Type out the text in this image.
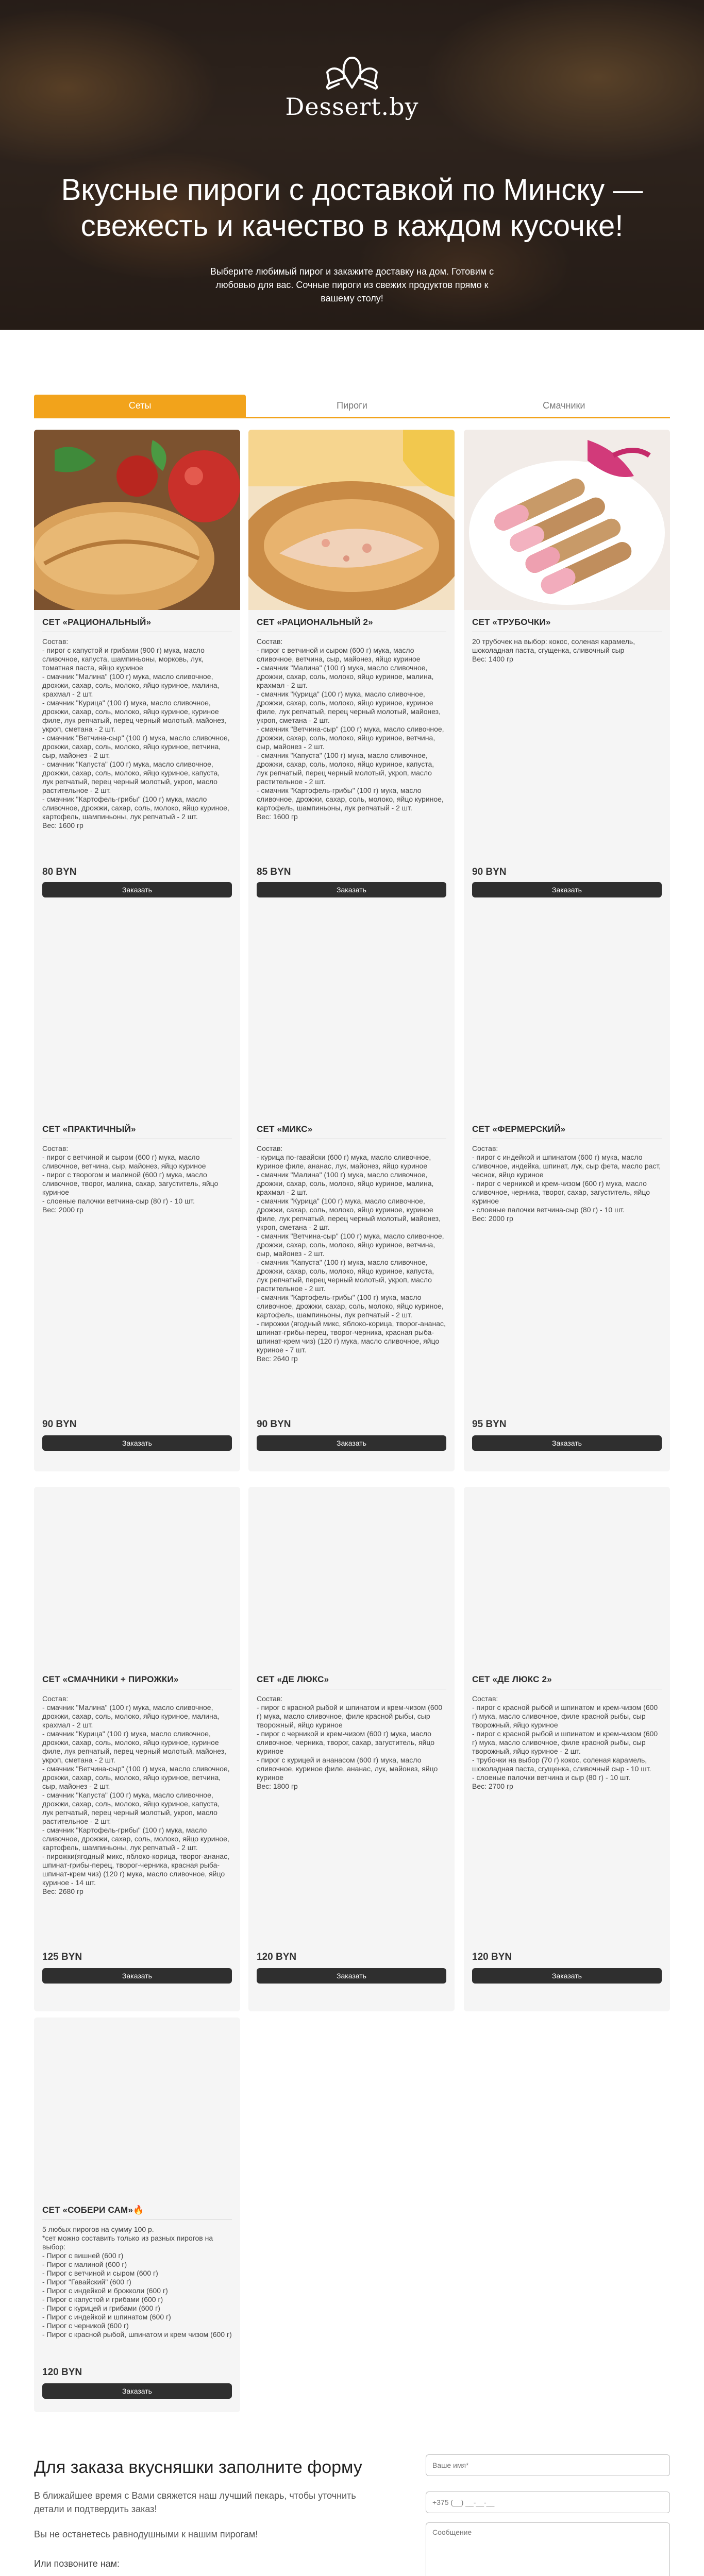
Dessert.by
Вкусные пироги с доставкой по Минску — свежесть и качество в каждом кусочке!

Выберите любимый пирог и закажите доставку на дом. Готовим с любовью для вас. Сочные пироги из свежих продуктов прямо к вашему столу!

Сеты	Пироги	Смачники
СЕТ «РАЦИОНАЛЬНЫЙ»
Состав:
- пирог с капустой и грибами (900 г) мука, масло сливочное, капуста, шампиньоны, морковь, лук, томатная паста, яйцо куриное
- смачник "Малина" (100 г) мука, масло сливочное, дрожжи, сахар, соль, молоко, яйцо куриное, малина, крахмал - 2 шт.
- смачник "Курица" (100 г) мука, масло сливочное, дрожжи, сахар, соль, молоко, яйцо куриное, куриное филе, лук репчатый, перец черный молотый, майонез, укроп, сметана - 2 шт.
- смачник "Ветчина-сыр" (100 г) мука, масло сливочное, дрожжи, сахар, соль, молоко, яйцо куриное, ветчина, сыр, майонез - 2 шт.
- смачник "Капуста" (100 г) мука, масло сливочное, дрожжи, сахар, соль, молоко, яйцо куриное, капуста, лук репчатый, перец черный молотый, укроп, масло растительное - 2 шт.
- смачник "Картофель-грибы" (100 г) мука, масло сливочное, дрожжи, сахар, соль, молоко, яйцо куриное, картофель, шампиньоны, лук репчатый - 2 шт.
Вес: 1600 гр
80 BYN
Заказать
СЕТ «РАЦИОНАЛЬНЫЙ 2»
Состав:
- пирог с ветчиной и сыром (600 г) мука, масло сливочное, ветчина, сыр, майонез, яйцо куриное
- смачник "Малина" (100 г) мука, масло сливочное, дрожжи, сахар, соль, молоко, яйцо куриное, малина, крахмал - 2 шт.
- смачник "Курица" (100 г) мука, масло сливочное, дрожжи, сахар, соль, молоко, яйцо куриное, куриное филе, лук репчатый, перец черный молотый, майонез, укроп, сметана - 2 шт.
- смачник "Ветчина-сыр" (100 г) мука, масло сливочное, дрожжи, сахар, соль, молоко, яйцо куриное, ветчина, сыр, майонез - 2 шт.
- смачник "Капуста" (100 г) мука, масло сливочное, дрожжи, сахар, соль, молоко, яйцо куриное, капуста, лук репчатый, перец черный молотый, укроп, масло растительное - 2 шт.
- смачник "Картофель-грибы" (100 г) мука, масло сливочное, дрожжи, сахар, соль, молоко, яйцо куриное, картофель, шампиньоны, лук репчатый - 2 шт.
Вес: 1600 гр
85 BYN
Заказать
СЕТ «ТРУБОЧКИ»
20 трубочек на выбор: кокос, соленая карамель, шоколадная паста, сгущенка, сливочный сыр
Вес: 1400 гр
90 BYN
Заказать
СЕТ «ПРАКТИЧНЫЙ»
Состав:
- пирог с ветчиной и сыром (600 г) мука, масло сливочное, ветчина, сыр, майонез, яйцо куриное
- пирог с творогом и малиной (600 г) мука, масло сливочное, творог, малина, сахар, загуститель, яйцо куриное
- слоеные палочки ветчина-сыр (80 г) - 10 шт.
Вес: 2000 гр
90 BYN
Заказать
СЕТ «МИКС»
Состав:
- курица по-гавайски (600 г) мука, масло сливочное, куриное филе, ананас, лук, майонез, яйцо куриное
- смачник "Малина" (100 г) мука, масло сливочное, дрожжи, сахар, соль, молоко, яйцо куриное, малина, крахмал - 2 шт.
- смачник "Курица" (100 г) мука, масло сливочное, дрожжи, сахар, соль, молоко, яйцо куриное, куриное филе, лук репчатый, перец черный молотый, майонез, укроп, сметана - 2 шт.
- смачник "Ветчина-сыр" (100 г) мука, масло сливочное, дрожжи, сахар, соль, молоко, яйцо куриное, ветчина, сыр, майонез - 2 шт.
- смачник "Капуста" (100 г) мука, масло сливочное, дрожжи, сахар, соль, молоко, яйцо куриное, капуста, лук репчатый, перец черный молотый, укроп, масло растительное - 2 шт.
- смачник "Картофель-грибы" (100 г) мука, масло сливочное, дрожжи, сахар, соль, молоко, яйцо куриное, картофель, шампиньоны, лук репчатый - 2 шт.
- пирожки (ягодный микс, яблоко-корица, творог-ананас, шпинат-грибы-перец, творог-черника, красная рыба-шпинат-крем чиз) (120 г) мука, масло сливочное, яйцо куриное - 7 шт.
Вес: 2640 гр
90 BYN
Заказать
СЕТ «ФЕРМЕРСКИЙ»
Состав:
- пирог с индейкой и шпинатом (600 г) мука, масло сливочное, индейка, шпинат, лук, сыр фета, масло раст, чеснок, яйцо куриное
- пирог с черникой и крем-чизом (600 г) мука, масло сливочное, черника, творог, сахар, загуститель, яйцо куриное
- слоеные палочки ветчина-сыр (80 г) - 10 шт.
Вес: 2000 гр
95 BYN
Заказать
СЕТ «СМАЧНИКИ + ПИРОЖКИ»
Состав:
- смачник "Малина" (100 г) мука, масло сливочное, дрожжи, сахар, соль, молоко, яйцо куриное, малина, крахмал - 2 шт.
- смачник "Курица" (100 г) мука, масло сливочное, дрожжи, сахар, соль, молоко, яйцо куриное, куриное филе, лук репчатый, перец черный молотый, майонез, укроп, сметана - 2 шт.
- смачник "Ветчина-сыр" (100 г) мука, масло сливочное, дрожжи, сахар, соль, молоко, яйцо куриное, ветчина, сыр, майонез - 2 шт.
- смачник "Капуста" (100 г) мука, масло сливочное, дрожжи, сахар, соль, молоко, яйцо куриное, капуста, лук репчатый, перец черный молотый, укроп, масло растительное - 2 шт.
- смачник "Картофель-грибы" (100 г) мука, масло сливочное, дрожжи, сахар, соль, молоко, яйцо куриное, картофель, шампиньоны, лук репчатый - 2 шт.
- пирожки(ягодный микс, яблоко-корица, творог-ананас, шпинат-грибы-перец, творог-черника, красная рыба-шпинат-крем чиз) (120 г) мука, масло сливочное, яйцо куриное - 14 шт.
Вес: 2680 гр
125 BYN
Заказать
СЕТ «ДЕ ЛЮКС»
Состав:
- пирог с красной рыбой и шпинатом и крем-чизом (600 г) мука, масло сливочное, филе красной рыбы, сыр творожный, яйцо куриное
- пирог с черникой и крем-чизом (600 г) мука, масло сливочное, черника, творог, сахар, загуститель, яйцо куриное
- пирог с курицей и ананасом (600 г) мука, масло сливочное, куриное филе, ананас, лук, майонез, яйцо куриное
Вес: 1800 гр
120 BYN
Заказать
СЕТ «ДЕ ЛЮКС 2»
Состав:
- пирог с красной рыбой и шпинатом и крем-чизом (600 г) мука, масло сливочное, филе красной рыбы, сыр творожный, яйцо куриное
- пирог с красной рыбой и шпинатом и крем-чизом (600 г) мука, масло сливочное, филе красной рыбы, сыр творожный, яйцо куриное - 2 шт.
- трубочки на выбор (70 г) кокос, соленая карамель, шоколадная паста, сгущенка, сливочный сыр - 10 шт.
- слоеные палочки ветчина и сыр (80 г) - 10 шт.
Вес: 2700 гр
120 BYN
Заказать
СЕТ «СОБЕРИ САМ»🔥
5 любых пирогов на сумму 100 р.
*сет можно составить только из разных пирогов на выбор:
- Пирог с вишней (600 г)
- Пирог с малиной (600 г)
- Пирог с ветчиной и сыром (600 г)
- Пирог "Гавайский" (600 г)
- Пирог с индейкой и брокколи (600 г)
- Пирог с капустой и грибами (600 г)
- Пирог с курицей и грибами (600 г)
- Пирог с индейкой и шпинатом (600 г)
- Пирог с черникой (600 г)
- Пирог с красной рыбой, шпинатом и крем чизом (600 г)
120 BYN
Заказать
Для заказа вкусняшки заполните форму

В ближайшее время с Вами свяжется наш лучший пекарь, чтобы уточнить детали и подтвердить заказ!

Вы не останетесь равнодушными к нашим пирогам!

Или позвоните нам:

Ваше имя*
+375 (__) __-__-__
Сообщение
